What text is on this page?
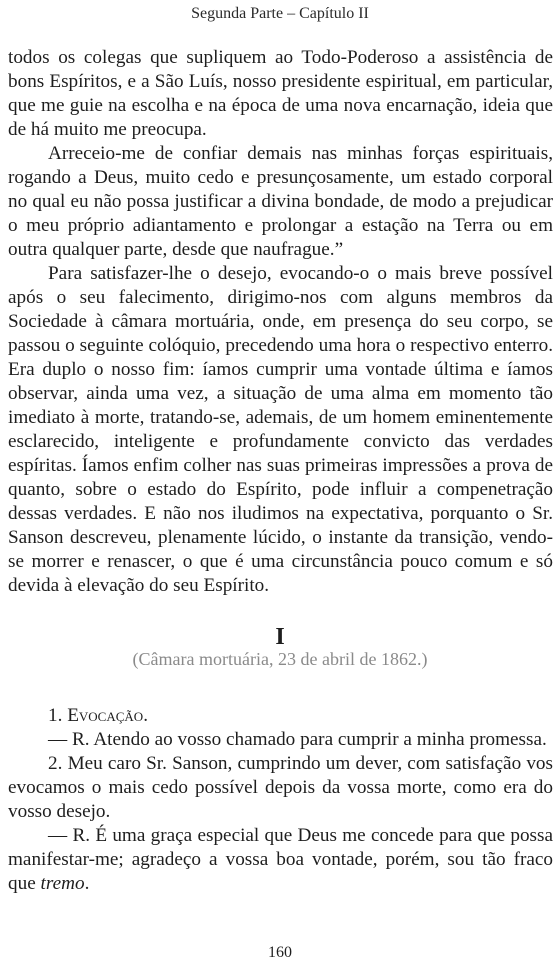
Segunda Parte – Capítulo II

todos os colegas que supliquem ao Todo-Poderoso a assistência de bons Espíritos, e a São Luís, nosso presidente espiritual, em particular, que me guie na escolha e na época de uma nova encarnação, ideia que de há muito me preocupa.

Arreceio-me de confiar demais nas minhas forças espirituais, rogando a Deus, muito cedo e presunçosamente, um estado corporal no qual eu não possa justificar a divina bondade, de modo a prejudicar o meu próprio adiantamento e prolongar a estação na Terra ou em outra qualquer parte, desde que naufrague.”

Para satisfazer-lhe o desejo, evocando-o o mais breve possível após o seu falecimento, dirigimo-nos com alguns membros da Sociedade à câmara mortuária, onde, em presença do seu corpo, se passou o seguinte colóquio, precedendo uma hora o respectivo enterro. Era duplo o nosso fim: íamos cumprir uma vontade última e íamos observar, ainda uma vez, a situação de uma alma em momento tão imediato à morte, tratando-se, ademais, de um homem eminentemente esclarecido, inteligente e profundamente convicto das verdades espíritas. Íamos enfim colher nas suas primeiras impressões a prova de quanto, sobre o estado do Espírito, pode influir a compenetração dessas verdades. E não nos iludimos na expectativa, porquanto o Sr. Sanson descreveu, plenamente lúcido, o instante da transição, vendo-se morrer e renascer, o que é uma circunstância pouco comum e só devida à elevação do seu Espírito.

I
(Câmara mortuária, 23 de abril de 1862.)

1. Evocação.

— R. Atendo ao vosso chamado para cumprir a minha promessa.

2. Meu caro Sr. Sanson, cumprindo um dever, com satisfação vos evocamos o mais cedo possível depois da vossa morte, como era do vosso desejo.

— R. É uma graça especial que Deus me concede para que possa manifestar-me; agradeço a vossa boa vontade, porém, sou tão fraco que tremo.

160
